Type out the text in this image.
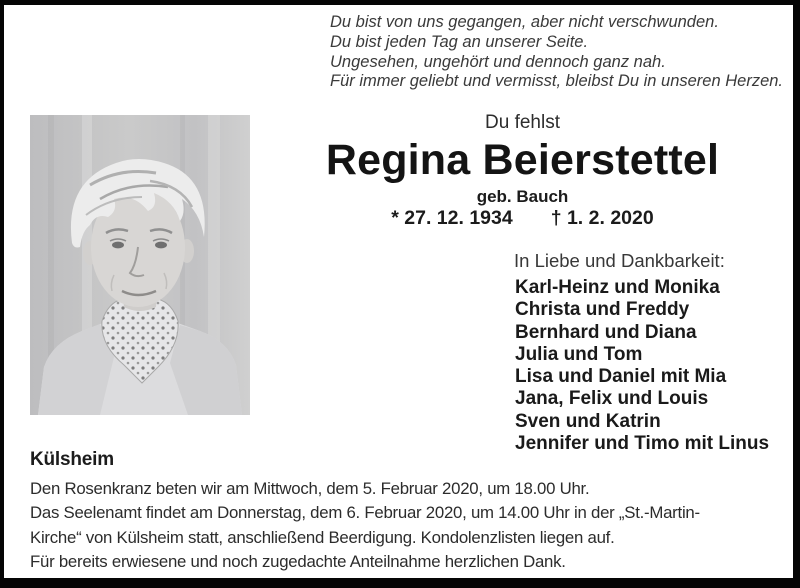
Du bist von uns gegangen, aber nicht verschwunden.
Du bist jeden Tag an unserer Seite.
Ungesehen, ungehört und dennoch ganz nah.
Für immer geliebt und vermisst, bleibst Du in unseren Herzen.
Du fehlst
Regina Beierstettel
geb. Bauch
* 27. 12. 1934 † 1. 2. 2020
In Liebe und Dankbarkeit:
Karl-Heinz und Monika
Christa und Freddy
Bernhard und Diana
Julia und Tom
Lisa und Daniel mit Mia
Jana, Felix und Louis
Sven und Katrin
Jennifer und Timo mit Linus
Külsheim
Den Rosenkranz beten wir am Mittwoch, dem 5. Februar 2020, um 18.00 Uhr.
Das Seelenamt findet am Donnerstag, dem 6. Februar 2020, um 14.00 Uhr in der „St.-Martin-
Kirche“ von Külsheim statt, anschließend Beerdigung. Kondolenzlisten liegen auf.
Für bereits erwiesene und noch zugedachte Anteilnahme herzlichen Dank.
